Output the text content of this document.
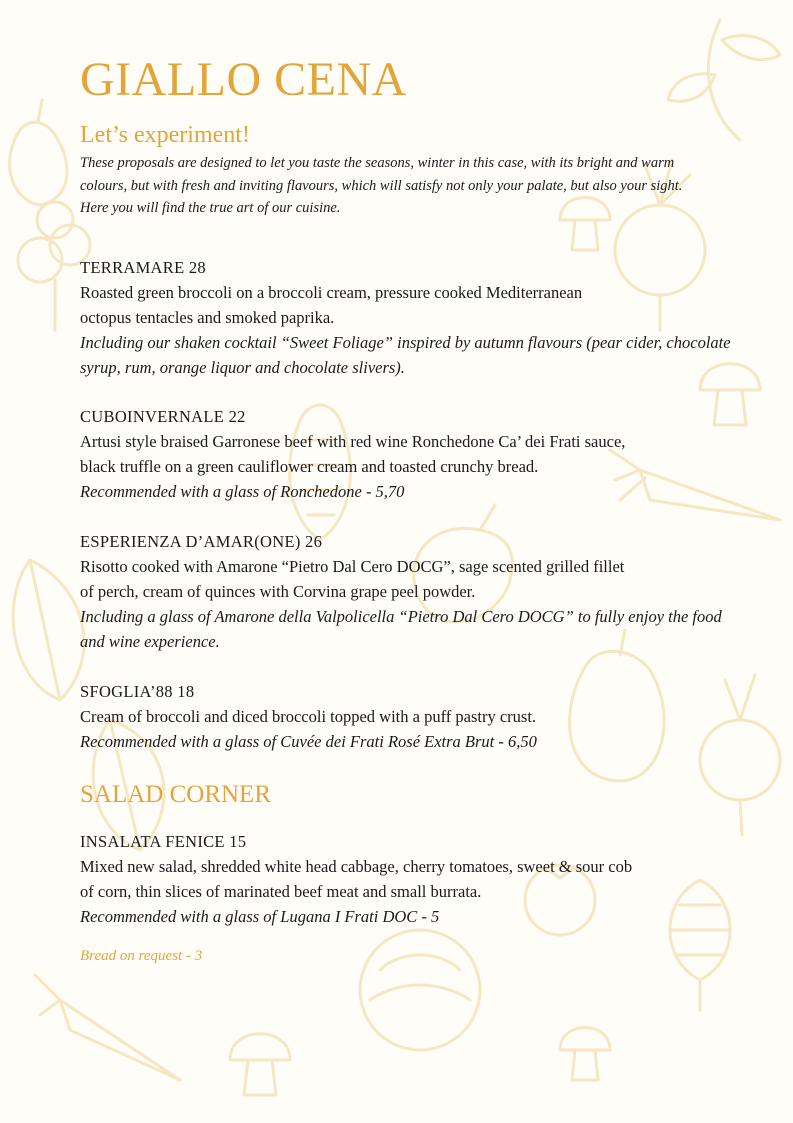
GIALLO CENA
Let’s experiment!

These proposals are designed to let you taste the seasons, winter in this case, with its bright and warm
colours, but with fresh and inviting flavours, which will satisfy not only your palate, but also your sight.
Here you will find the true art of our cuisine.

TERRAMARE 28
Roasted green broccoli on a broccoli cream, pressure cooked Mediterranean
octopus tentacles and smoked paprika.
Including our shaken cocktail “Sweet Foliage” inspired by autumn flavours (pear cider, chocolate
syrup, rum, orange liquor and chocolate slivers).
CUBOINVERNALE 22
Artusi style braised Garronese beef with red wine Ronchedone Ca’ dei Frati sauce,
black truffle on a green cauliflower cream and toasted crunchy bread.
Recommended with a glass of Ronchedone - 5,70
ESPERIENZA D’AMAR(ONE) 26
Risotto cooked with Amarone “Pietro Dal Cero DOCG”, sage scented grilled fillet
of perch, cream of quinces with Corvina grape peel powder.
Including a glass of Amarone della Valpolicella “Pietro Dal Cero DOCG” to fully enjoy the food
and wine experience.
SFOGLIA’88 18
Cream of broccoli and diced broccoli topped with a puff pastry crust.
Recommended with a glass of Cuvée dei Frati Rosé Extra Brut - 6,50
SALAD CORNER
INSALATA FENICE 15
Mixed new salad, shredded white head cabbage, cherry tomatoes, sweet & sour cob
of corn, thin slices of marinated beef meat and small burrata.
Recommended with a glass of Lugana I Frati DOC - 5

Bread on request - 3
